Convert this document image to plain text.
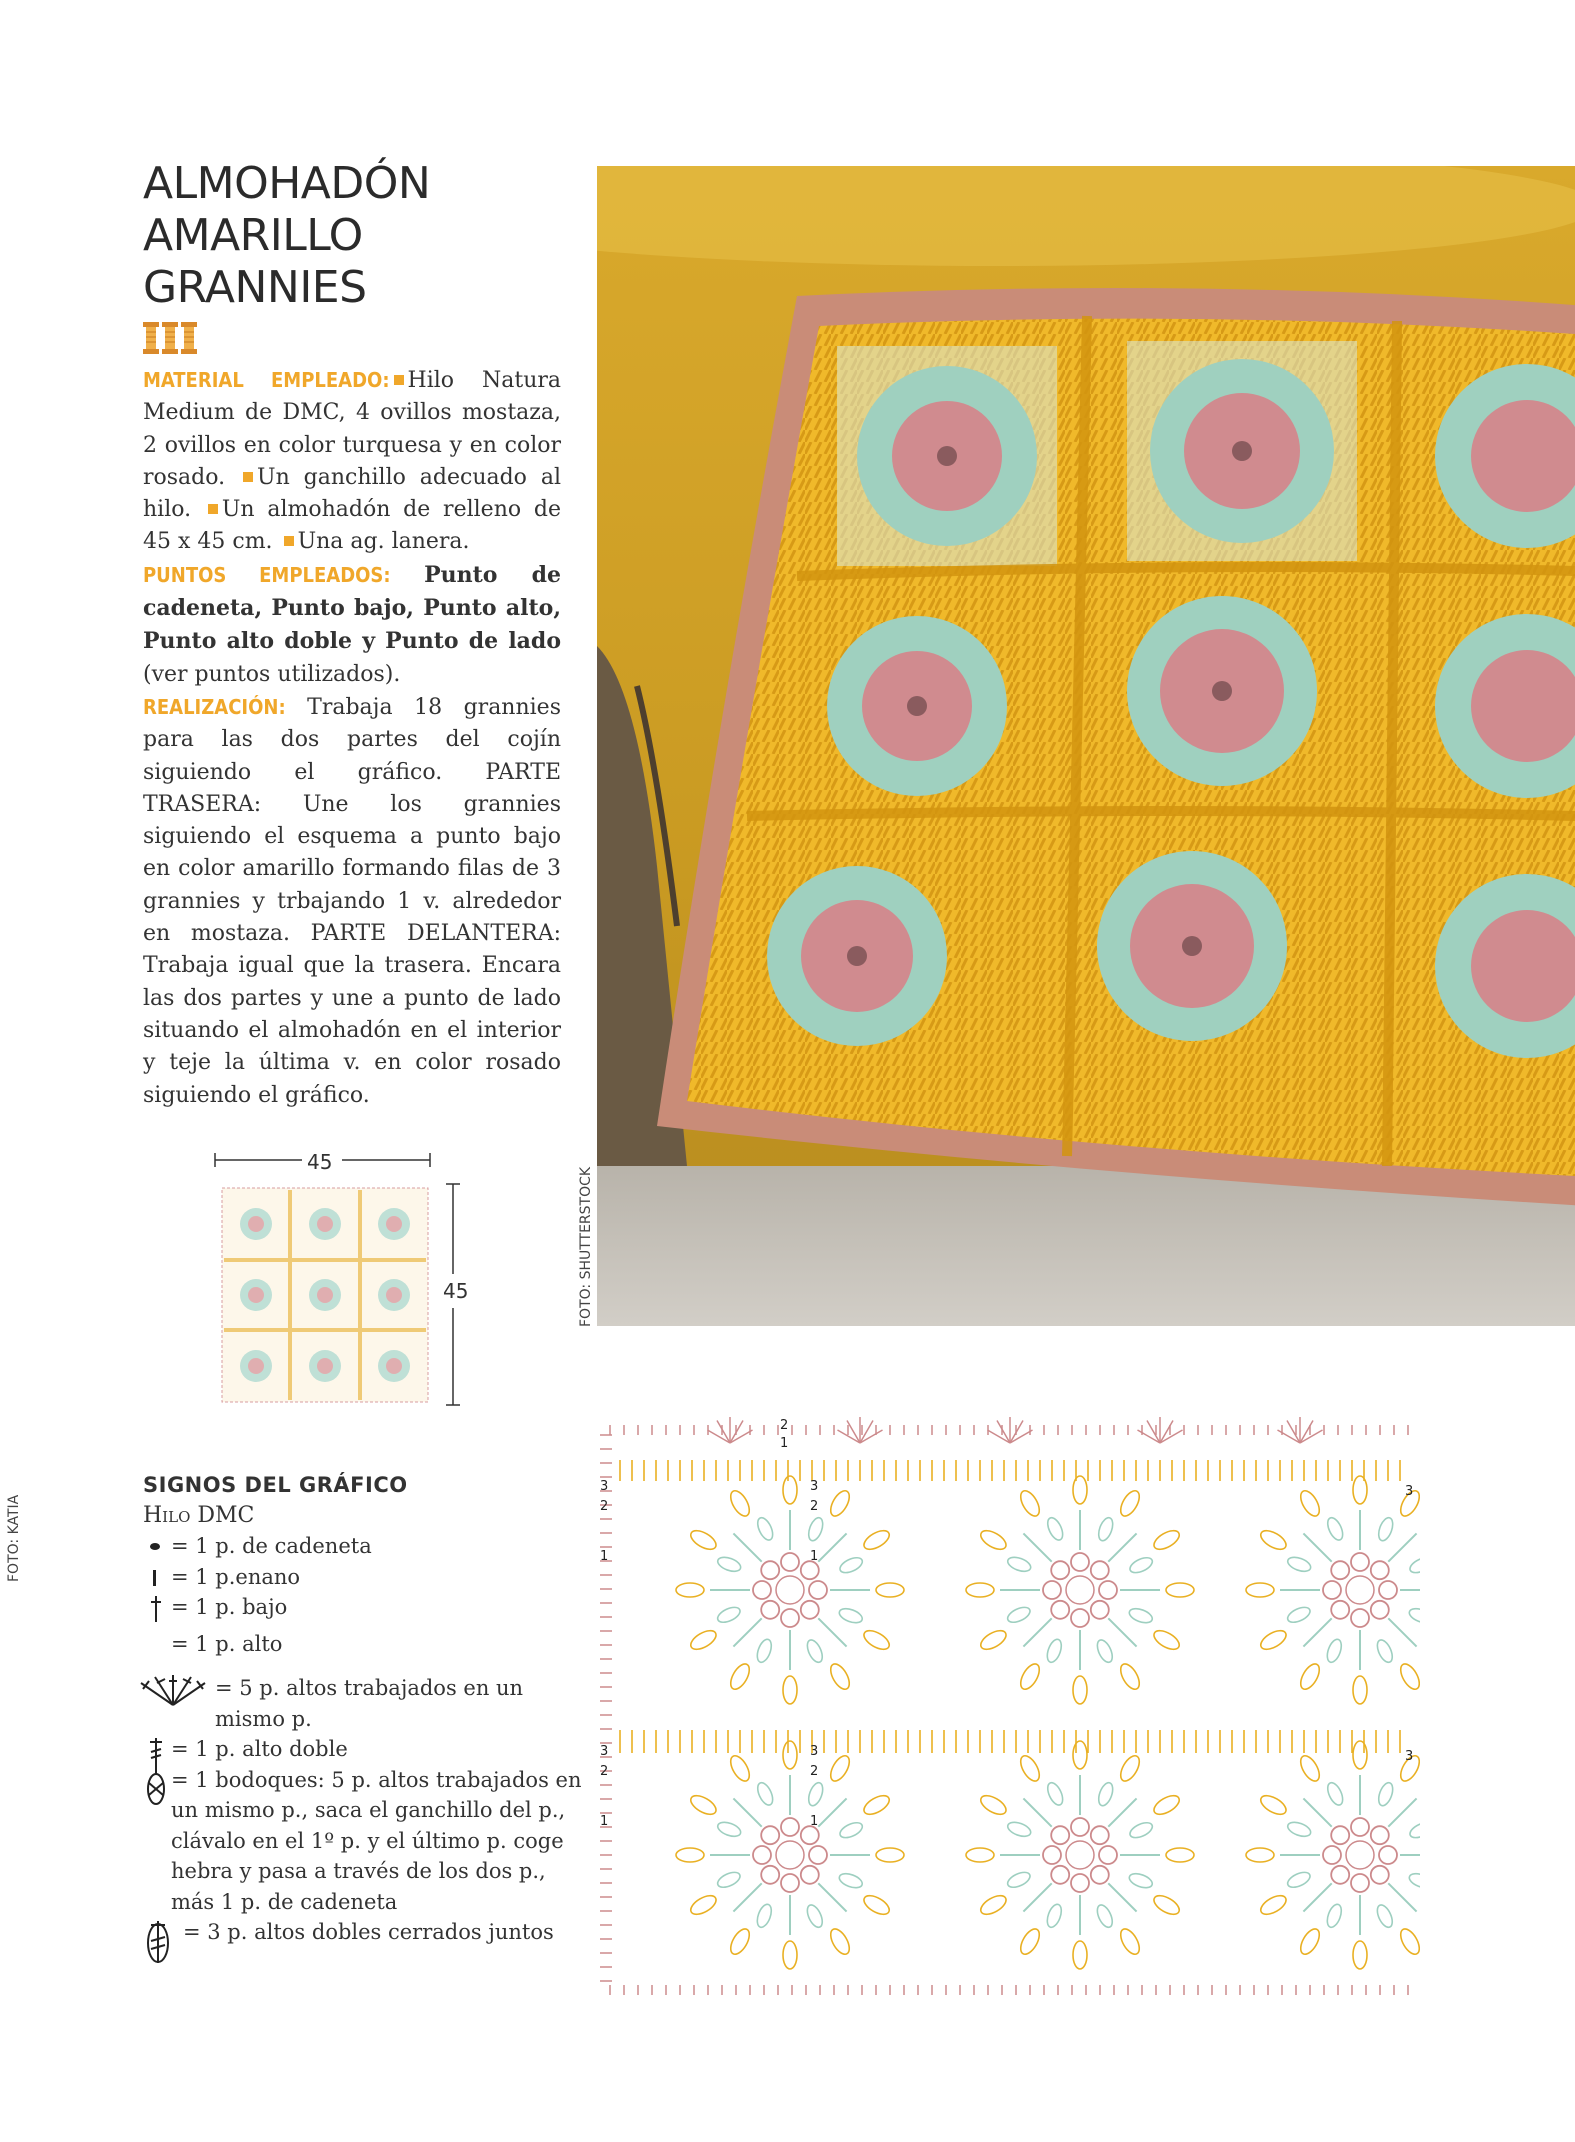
ALMOHADÓN
AMARILLO
GRANNIES

MATERIAL EMPLEADO: Hilo Natura Medium de DMC, 4 ovillos mostaza, 2 ovillos en color turquesa y en color rosado. Un ganchillo adecuado al hilo. Un almohadón de relleno de 45 x 45 cm. Una ag. lanera.
PUNTOS EMPLEADOS: Punto de cadeneta, Punto bajo, Punto alto, Punto alto doble y Punto de lado (ver puntos utilizados).
REALIZACIÓN: Trabaja 18 grannies para las dos partes del cojín siguiendo el gráfico. PARTE TRASERA: Une los grannies siguiendo el esquema a punto bajo en color amarillo formando filas de 3 grannies y trbajando 1 v. alrededor en mostaza. PARTE DELANTERA: Trabaja igual que la trasera. Encara las dos partes y une a punto de lado situando el almohadón en el interior y teje la última v. en color rosado siguiendo el gráfico.

FOTO: SHUTTERSTOCK
FOTO: KATIA
45
45

SIGNOS DEL GRÁFICO

Hilo DMC

= 1 p. de cadeneta
= 1 p.enano
= 1 p. bajo
= 1 p. alto
= 5 p. altos trabajados en un mismo p.
= 1 p. alto doble
= 1 bodoques: 5 p. altos trabajados en un mismo p., saca el ganchillo del p., clávalo en el 1º p. y el último p. coge hebra y pasa a través de los dos p., más 1 p. de cadeneta
= 3 p. altos dobles cerrados juntos
2
1
3	3
2	2
1	1
3
3	3
2	2
1	1
3
